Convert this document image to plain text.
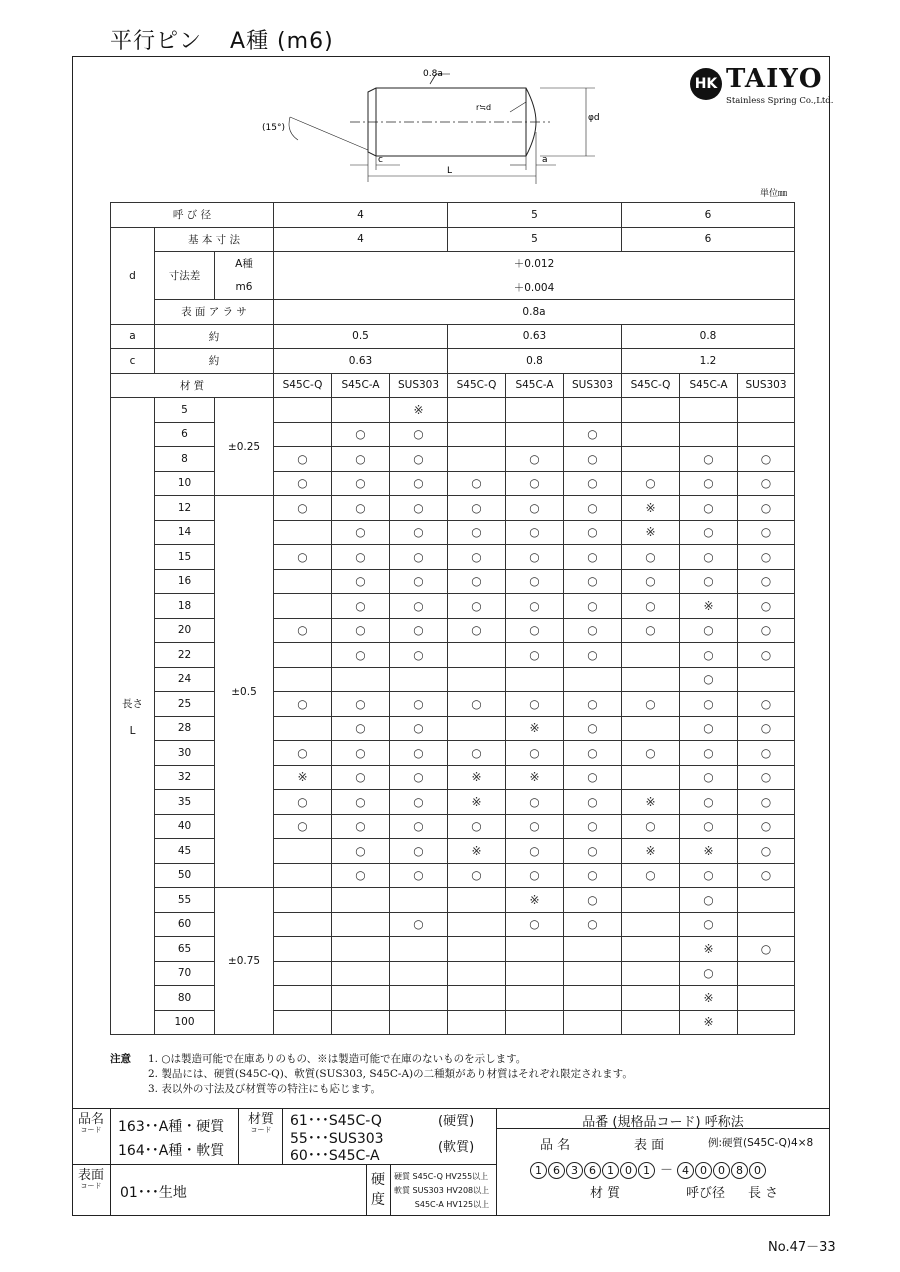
平行ピン A種 (m6)
HK TAIYO
Stainless Spring Co.,Ltd.
0.8a
r≒d
(15°)
c
L
a
φd
単位㎜
呼 び 径			4			5			6		
d	基 本 寸 法		4			5			6		
	寸法差	A種	＋0.012								
		m6	＋0.004								
	表 面 ア ラ サ		0.8a								
a	約		0.5			0.63			0.8		
c	約		0.63			0.8			1.2		
材 質			S45C-Q	S45C-A	SUS303	S45C-Q	S45C-A	SUS303	S45C-Q	S45C-A	SUS303

長さ
L	5	±0.25			※						
	6			○	○			○			
	8		○	○	○		○	○		○	○
	10		○	○	○	○	○	○	○	○	○
	12	±0.5	○	○	○	○	○	○	※	○	○
	14			○	○	○	○	○	※	○	○
	15		○	○	○	○	○	○	○	○	○
	16			○	○	○	○	○	○	○	○
	18			○	○	○	○	○	○	※	○
	20		○	○	○	○	○	○	○	○	○
	22			○	○		○	○		○	○
	24									○	
	25		○	○	○	○	○	○	○	○	○
	28			○	○		※	○		○	○
	30		○	○	○	○	○	○	○	○	○
	32		※	○	○	※	※	○		○	○
	35		○	○	○	※	○	○	※	○	○
	40		○	○	○	○	○	○	○	○	○
	45			○	○	※	○	○	※	※	○
	50			○	○	○	○	○	○	○	○
	55	±0.75					※	○		○	
	60				○		○	○		○	
	65									※	○
	70									○	
	80									※	
	100									※	
注意 1. ○は製造可能で在庫ありのもの、※は製造可能で在庫のないものを示します。
2. 製品には、硬質(S45C-Q)、軟質(SUS303, S45C-A)の二種類があり材質はそれぞれ限定されます。
3. 表以外の寸法及び材質等の特注にも応じます。
品名
コード	163･･A種・硬質
164･･A種・軟質
材質
コード
61･･･S45C-Q
55･･･SUS303
60･･･S45C-A
(硬質)
(軟質)
表面
コード	01･･･生地
硬度
硬質 S45C-Q HV255以上
軟質 SUS303 HV208以上
S45C-A HV125以上
品番 (規格品コード) 呼称法
品 名	表 面	例:硬質(S45C-Q)4×8
1 6 3 6 1 0 1 － 4 0 0 8 0
材 質	呼び径 長 さ
No.47－33
